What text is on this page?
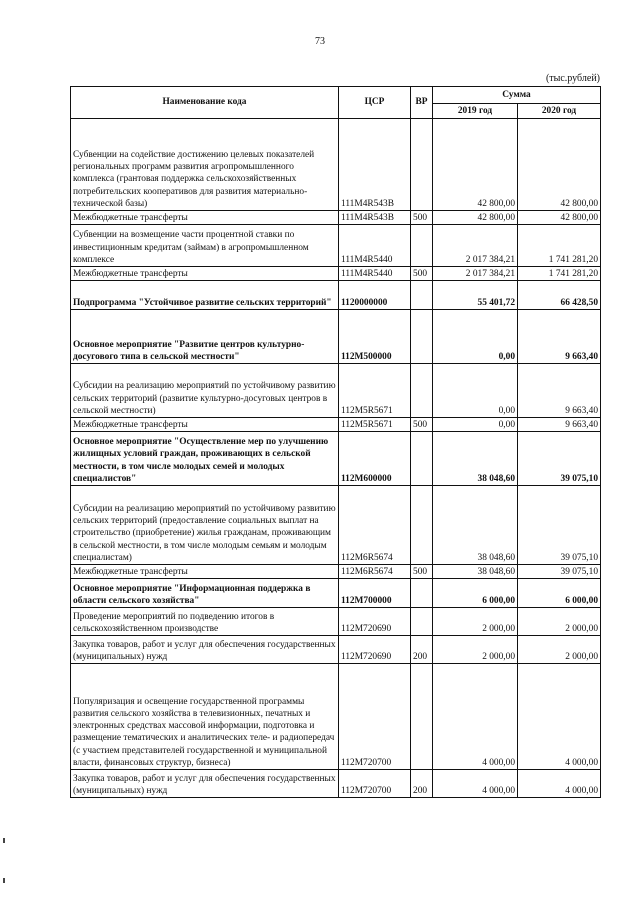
73
(тыс.рублей)
Наименование кода	ЦСР	ВР	Сумма	
			2019 год	2020 год
Субвенции на содействие достижению целевых показателей региональных программ развития агропромышленного комплекса (грантовая поддержка сельскохозяйственных потребительских кооперативов для развития материально-технической базы)	111M4R543B		42 800,00	42 800,00
Межбюджетные трансферты	111M4R543B	500	42 800,00	42 800,00
Субвенции на возмещение части процентной ставки по инвестиционным кредитам (займам) в агропромышленном комплексе	111M4R5440		2 017 384,21	1 741 281,20
Межбюджетные трансферты	111M4R5440	500	2 017 384,21	1 741 281,20
Подпрограмма "Устойчивое развитие сельских территорий"	1120000000		55 401,72	66 428,50
Основное мероприятие "Развитие центров культурно-досугового типа в сельской местности"	112M500000		0,00	9 663,40
Субсидии на реализацию мероприятий по устойчивому развитию сельских территорий (развитие культурно-досуговых центров в сельской местности)	112M5R5671		0,00	9 663,40
Межбюджетные трансферты	112M5R5671	500	0,00	9 663,40
Основное мероприятие "Осуществление мер по улучшению жилищных условий граждан, проживающих в сельской местности, в том числе молодых семей и молодых специалистов"	112M600000		38 048,60	39 075,10
Субсидии на реализацию мероприятий по устойчивому развитию сельских территорий (предоставление социальных выплат на строительство (приобретение) жилья гражданам, проживающим в сельской местности, в том числе молодым семьям и молодым специалистам)	112M6R5674		38 048,60	39 075,10
Межбюджетные трансферты	112M6R5674	500	38 048,60	39 075,10
Основное мероприятие "Информационная поддержка в области сельского хозяйства"	112M700000		6 000,00	6 000,00
Проведение мероприятий по подведению итогов в сельскохозяйственном производстве	112M720690		2 000,00	2 000,00
Закупка товаров, работ и услуг для обеспечения государственных (муниципальных) нужд	112M720690	200	2 000,00	2 000,00
Популяризация и освещение государственной программы развития сельского хозяйства в телевизионных, печатных и электронных средствах массовой информации, подготовка и размещение тематических и аналитических теле- и радиопередач (с участием представителей государственной и муниципальной власти, финансовых структур, бизнеса)	112M720700		4 000,00	4 000,00
Закупка товаров, работ и услуг для обеспечения государственных (муниципальных) нужд	112M720700	200	4 000,00	4 000,00
